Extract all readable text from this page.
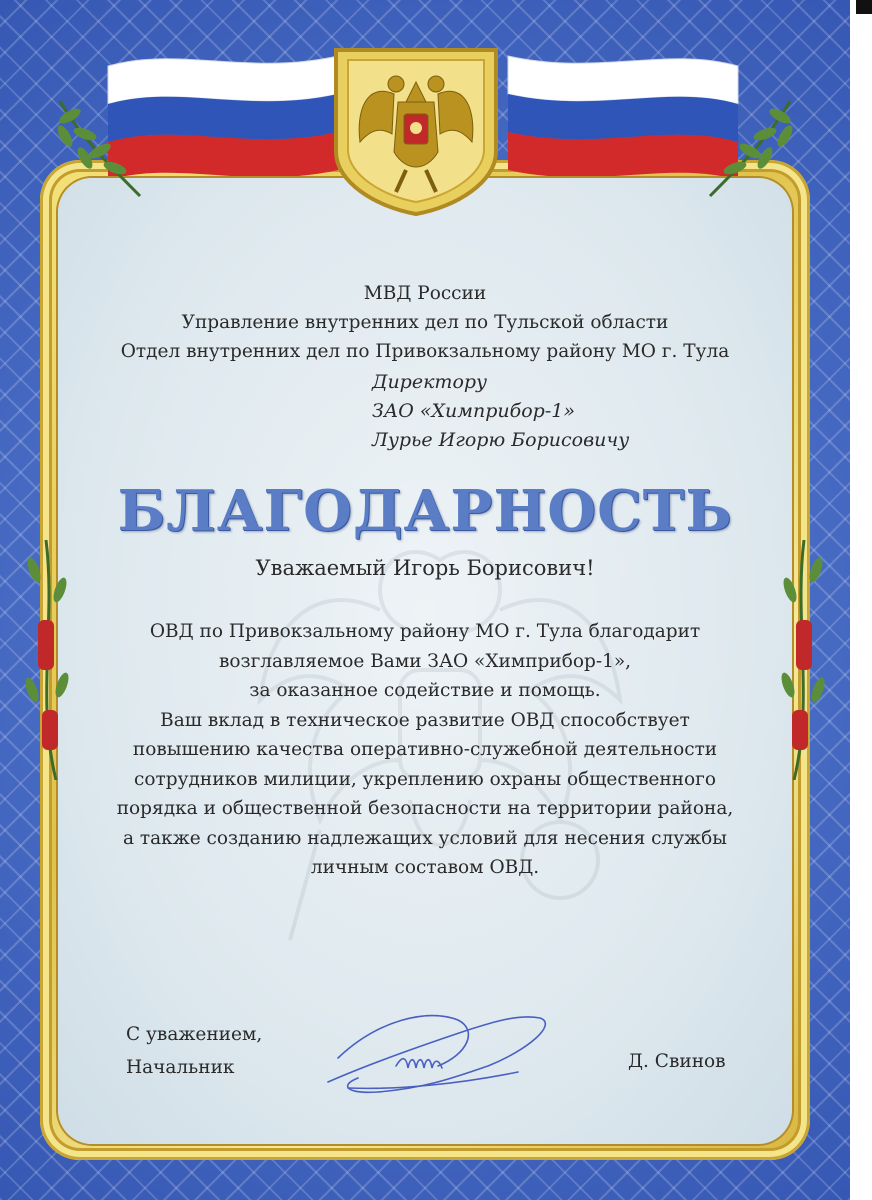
МВД России
Управление внутренних дел по Тульской области
Отдел внутренних дел по Привокзальному району МО г. Тула
Директору
ЗАО «Химприбор-1»
Лурье Игорю Борисовичу
БЛАГОДАРНОСТЬ
Уважаемый Игорь Борисович!
ОВД по Привокзальному району МО г. Тула благодарит
возглавляемое Вами ЗАО «Химприбор-1»,
за оказанное содействие и помощь.
Ваш вклад в техническое развитие ОВД способствует
повышению качества оперативно-служебной деятельности
сотрудников милиции, укреплению охраны общественного
порядка и общественной безопасности на территории района,
а также созданию надлежащих условий для несения службы
личным составом ОВД.
С уважением,
Начальник	Д. Свинов
